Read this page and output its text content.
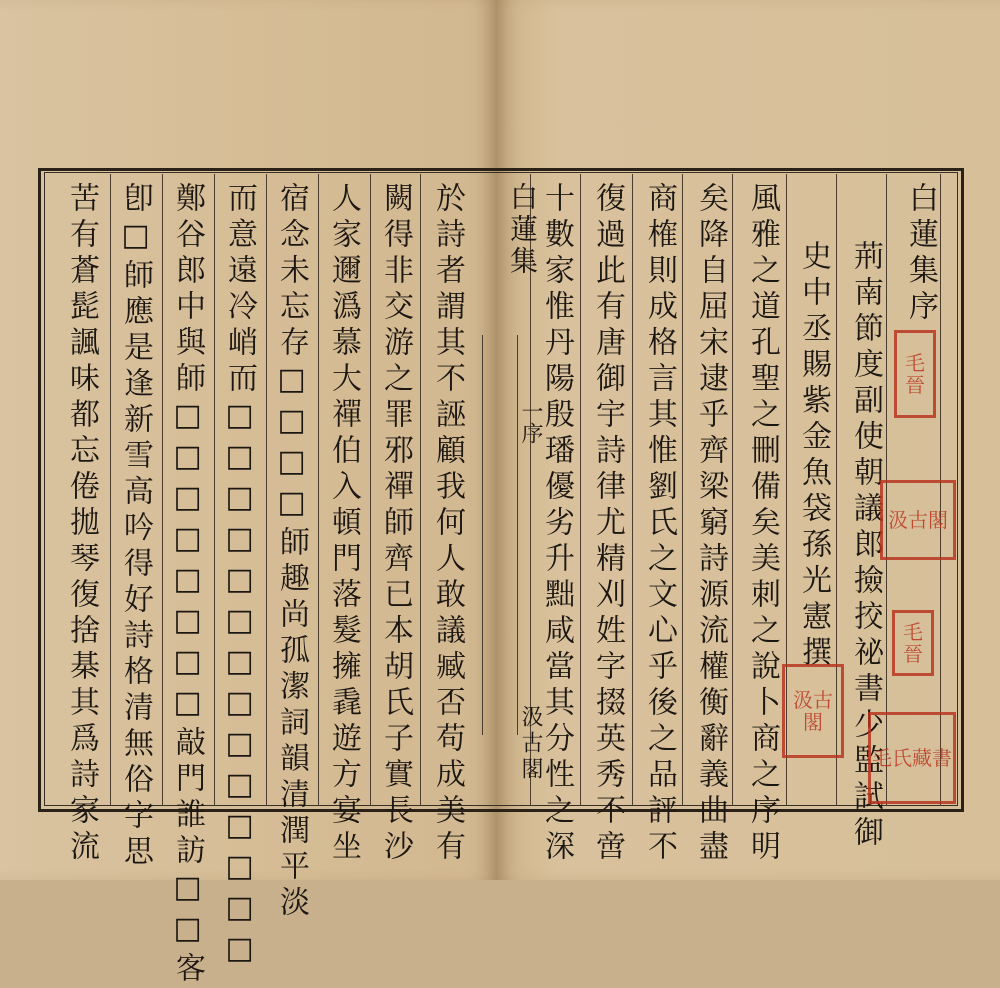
白蓮集序
荊南節度副使朝議郎撿挍祕書少監試御
史中丞賜紫金魚袋孫光憲撰
風雅之道孔聖之刪備矣美刺之說卜商之序明
矣降自屈宋逮乎齊梁窮詩源流權衡辭義曲盡
商榷則成格言其惟劉氏之文心乎後之品評不
復過此有唐御宇詩律尤精刈姓字掇英秀不啻
十數家惟丹陽殷璠優劣升黜咸當其分性之深
白蓮集
一序
汲古閣
於詩者謂其不誣顧我何人敢議臧否苟成美有
闕得非交游之罪邪禪師齊已本胡氏子實長沙
人家邇潙慕大禪伯入頓門落髮擁毳遊方宴坐
宿念未忘存□□□□師趣尚孤潔詞韻清潤平淡
而意遠冷峭而□□□□□□□□□□□□□□
鄭谷郎中與師□□□□□□□□敲門誰訪□□客
卽□師應是逢新雪高吟得好詩格清無俗字思
苦有蒼髭諷味都忘倦拋琴復捨棊其爲詩家流	毛晉
汲古閣
毛晉
汲古閣
毛氏藏書
